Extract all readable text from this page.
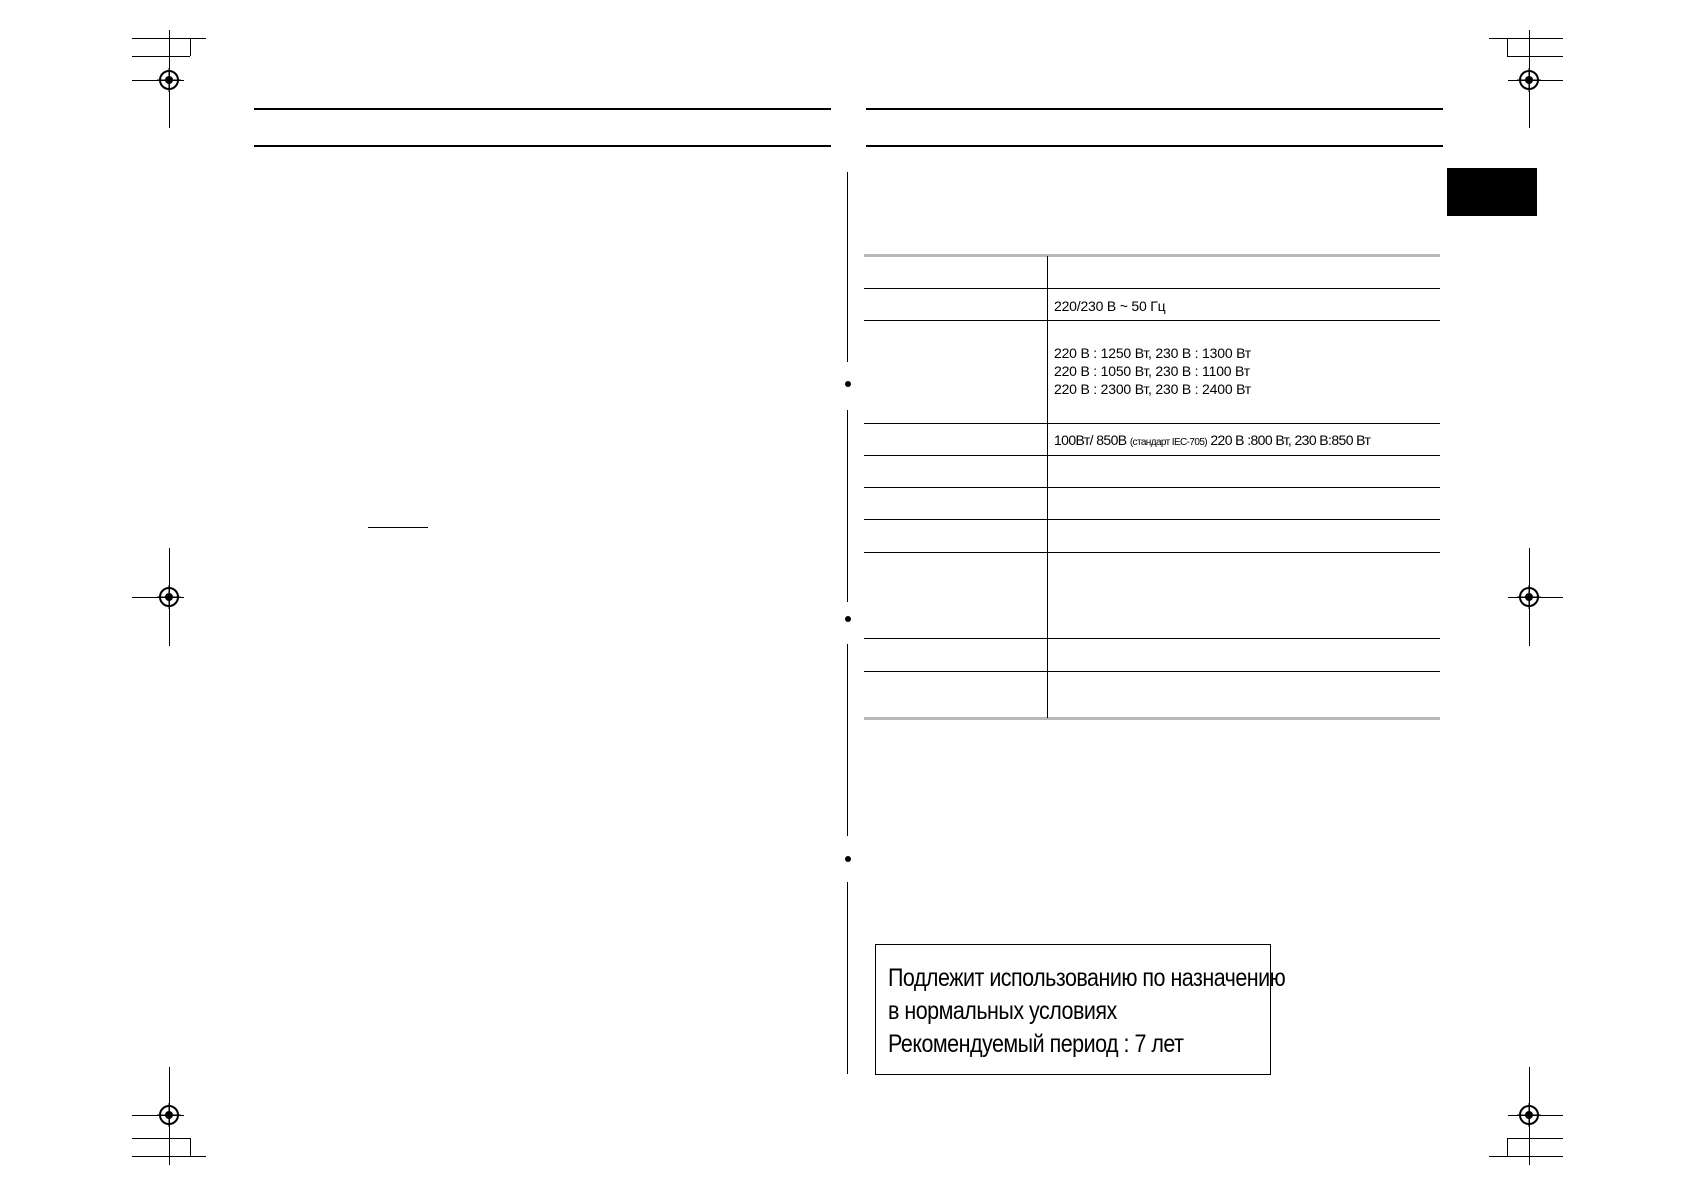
220/230 В ~ 50 Гц
220 В : 1250 Вт, 230 В : 1300 Вт
220 В : 1050 Вт, 230 В : 1100 Вт
220 В : 2300 Вт, 230 В : 2400 Вт
100Вт/ 850В (стандарт IEC-705) 220 В :800 Вт, 230 В:850 Вт
Подлежит использованию по назначению
в нормальных условиях
Рекомендуемый период : 7 лет
